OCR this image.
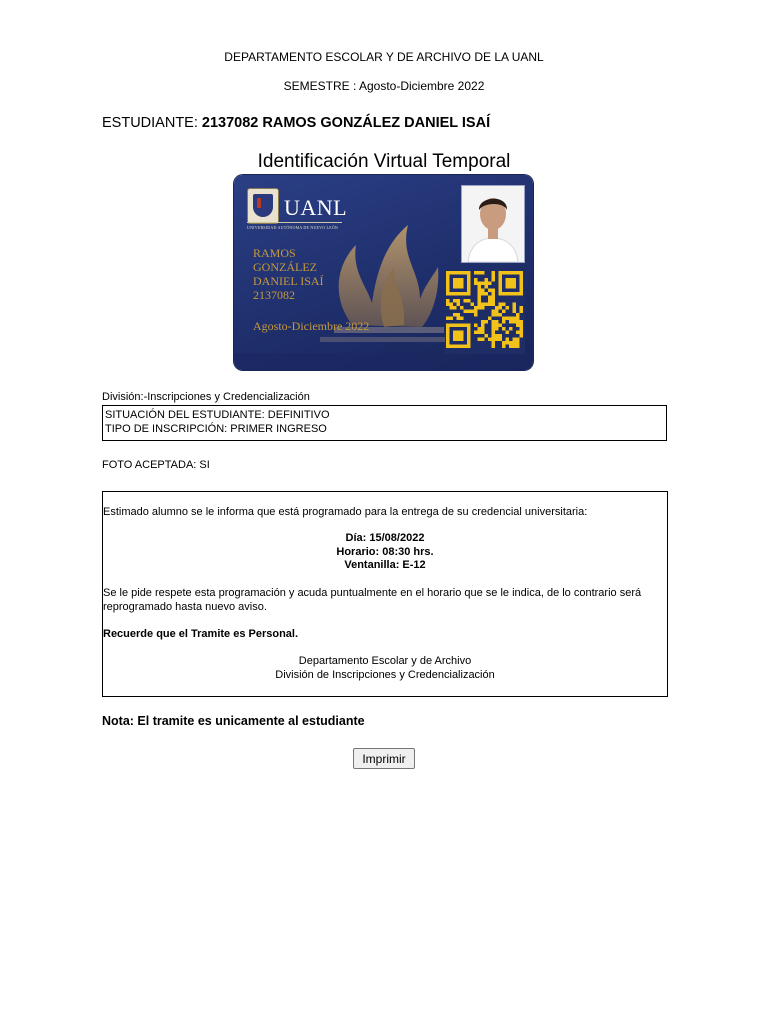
DEPARTAMENTO ESCOLAR Y DE ARCHIVO DE LA UANL
SEMESTRE : Agosto-Diciembre 2022
ESTUDIANTE: 2137082 RAMOS GONZÁLEZ DANIEL ISAÍ
Identificación Virtual Temporal
UANL
UNIVERSIDAD AUTÓNOMA DE NUEVO LEÓN
RAMOS
GONZÁLEZ
DANIEL ISAÍ
2137082
Agosto-Diciembre 2022
División:-Inscripciones y Credencialización
SITUACIÓN DEL ESTUDIANTE: DEFINITIVO
TIPO DE INSCRIPCIÓN: PRIMER INGRESO
FOTO ACEPTADA: SI
Estimado alumno se le informa que está programado para la entrega de su credencial universitaria:
Día: 15/08/2022
Horario: 08:30 hrs.
Ventanilla: E-12
Se le pide respete esta programación y acuda puntualmente en el horario que se le indica, de lo contrario será
reprogramado hasta nuevo aviso.
Recuerde que el Tramite es Personal.
Departamento Escolar y de Archivo
División de Inscripciones y Credencialización
Nota: El tramite es unicamente al estudiante
Imprimir
